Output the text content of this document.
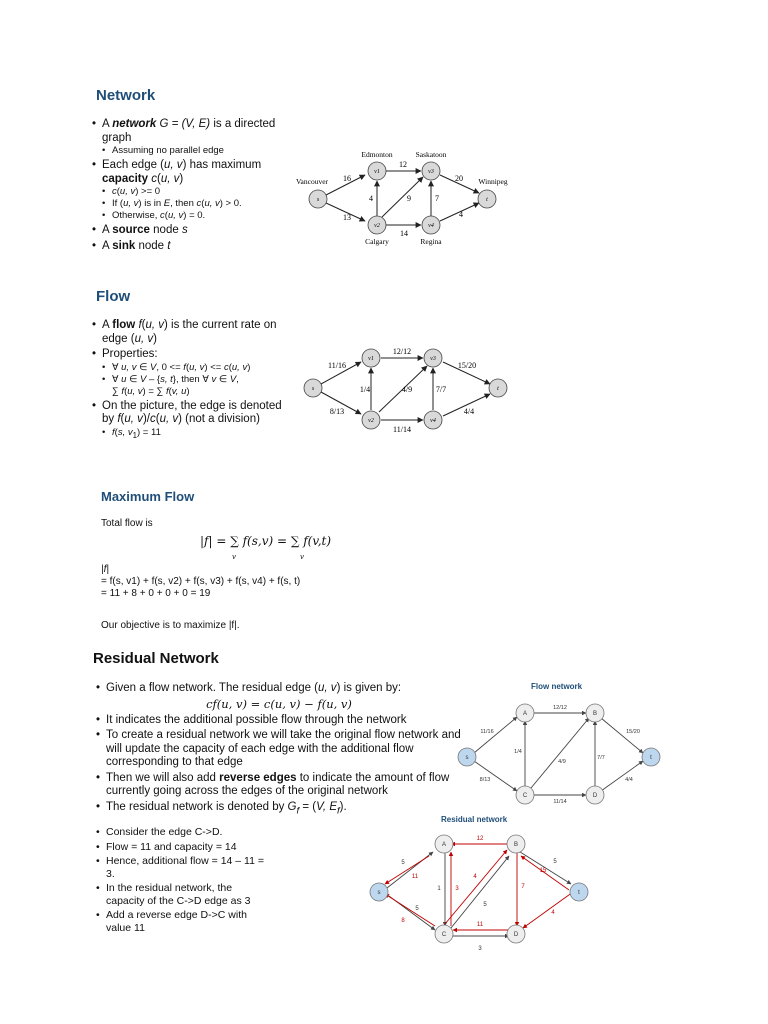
Network
• A network G = (V, E) is a directed graph
• Assuming no parallel edge
• Each edge (u, v) has maximum capacity c(u, v)
• c(u, v) >= 0
• If (u, v) is in E, then c(u, v) > 0.
• Otherwise, c(u, v) = 0.
• A source node s
• A sink node t
s
v1	v3
t
v2	v4
Edmonton	Saskatoon
Vancouver	Winnipeg
Calgary	Regina
16
12
20
13
4	9	7
4
14
Flow
• A flow f(u, v) is the current rate on edge (u, v)
• Properties:
• ∀ u, v ∈ V, 0 <= f(u, v) <= c(u, v)
• ∀ u ∈ V – {s, t}, then ∀ v ∈ V,
∑ f(u, v) = ∑ f(v, u)
• On the picture, the edge is denoted by f(u, v)/c(u, v) (not a division)
• f(s, $v_1) = 11$
s
v1	v3
t
v2	v4
11/16
12/12
15/20
8/13
1/4	4/9	7/7
4/4
11/14
Maximum Flow
Total flow is
|f| = ∑ f(s,v) = ∑ f(v,t)
v	v
|f|
= f(s, v1) + f(s, v2) + f(s, v3) + f(s, v4) + f(s, t)
= 11 + 8 + 0 + 0 + 0 = 19
Our objective is to maximize |f|.
Residual Network
• Given a flow network. The residual edge (u, v) is given by:
cf(u, v) = c(u, v) − f(u, v)
• It indicates the additional possible flow through the network
• To create a residual network we will take the original flow network and will update the capacity of each edge with the additional flow corresponding to that edge
• Then we will also add reverse edges to indicate the amount of flow currently going across the edges of the original network
• The residual network is denoted by $G_f = (V$, $E_f$).
• Consider the edge C->D.
• Flow = 11 and capacity = 14
• Hence, additional flow = 14 – 11 = 3.
• In the residual network, the capacity of the C->D edge as 3
• Add a reverse edge D->C with value 11
Flow network
s
A	B
t
C	D
12/12
11/16	15/20
1/4
4/9
7/7
8/13	4/4
11/14
Residual network
s
A	B
t
C	D
12
5
11
5
1 3
4
5
7
15
5
4
8
11
3
